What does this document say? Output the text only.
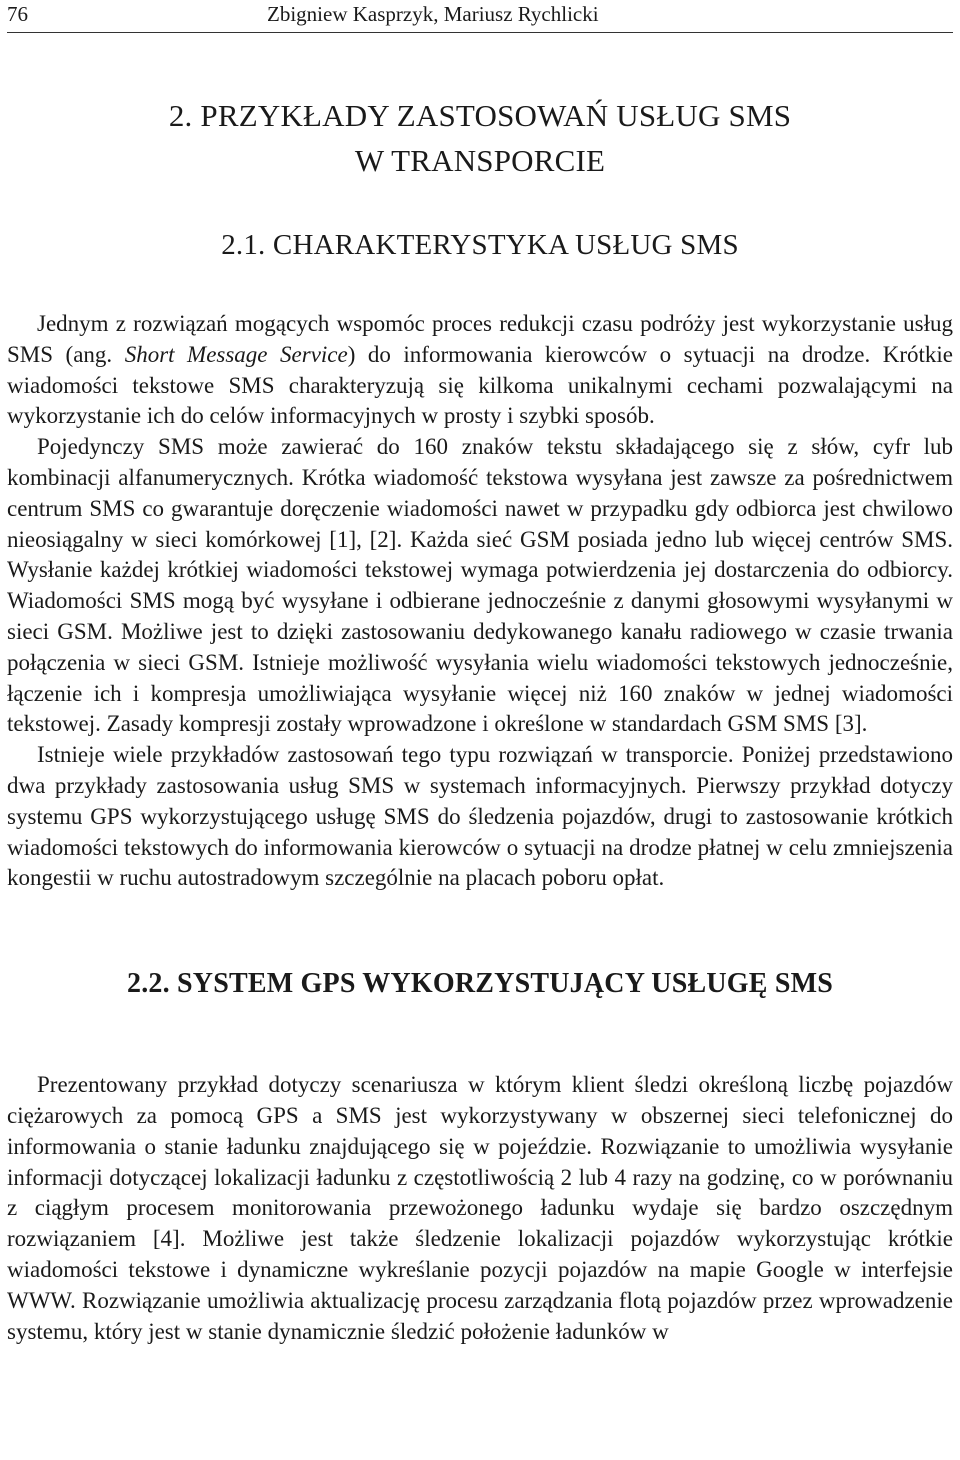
76	Zbigniew Kasprzyk, Mariusz Rychlicki
2. PRZYKŁADY ZASTOSOWAŃ USŁUG SMS
W TRANSPORCIE
2.1. CHARAKTERYSTYKA USŁUG SMS

Jednym z rozwiązań mogących wspomóc proces redukcji czasu podróży jest wykorzystanie usług SMS (ang. Short Message Service) do informowania kierowców o sytuacji na drodze. Krótkie wiadomości tekstowe SMS charakteryzują się kilkoma unikalnymi cechami pozwalającymi na wykorzystanie ich do celów informacyjnych w prosty i szybki sposób.

Pojedynczy SMS może zawierać do 160 znaków tekstu składającego się z słów, cyfr lub kombinacji alfanumerycznych. Krótka wiadomość tekstowa wysyłana jest zawsze za pośrednictwem centrum SMS co gwarantuje doręczenie wiadomości nawet w przypadku gdy odbiorca jest chwilowo nieosiągalny w sieci komórkowej [1], [2]. Każda sieć GSM posiada jedno lub więcej centrów SMS. Wysłanie każdej krótkiej wiadomości tekstowej wymaga potwierdzenia jej dostarczenia do odbiorcy. Wiadomości SMS mogą być wysyłane i odbierane jednocześnie z danymi głosowymi wysyłanymi w sieci GSM. Możliwe jest to dzięki zastosowaniu dedykowanego kanału radiowego w czasie trwania połączenia w sieci GSM. Istnieje możliwość wysyłania wielu wiadomości tekstowych jednocześnie, łączenie ich i kompresja umożliwiająca wysyłanie więcej niż 160 znaków w jednej wiadomości tekstowej. Zasady kompresji zostały wprowadzone i określone w standardach GSM SMS [3].

Istnieje wiele przykładów zastosowań tego typu rozwiązań w transporcie. Poniżej przedstawiono dwa przykłady zastosowania usług SMS w systemach informacyjnych. Pierwszy przykład dotyczy systemu GPS wykorzystującego usługę SMS do śledzenia pojazdów, drugi to zastosowanie krótkich wiadomości tekstowych do informowania kierowców o sytuacji na drodze płatnej w celu zmniejszenia kongestii w ruchu autostradowym szczególnie na placach poboru opłat.

2.2. SYSTEM GPS WYKORZYSTUJĄCY USŁUGĘ SMS

Prezentowany przykład dotyczy scenariusza w którym klient śledzi określoną liczbę pojazdów ciężarowych za pomocą GPS a SMS jest wykorzystywany w obszernej sieci telefonicznej do informowania o stanie ładunku znajdującego się w pojeździe. Rozwiązanie to umożliwia wysyłanie informacji dotyczącej lokalizacji ładunku z częstotliwością 2 lub 4 razy na godzinę, co w porównaniu z ciągłym procesem monitorowania przewożonego ładunku wydaje się bardzo oszczędnym rozwiązaniem [4]. Możliwe jest także śledzenie lokalizacji pojazdów wykorzystując krótkie wiadomości tekstowe i dynamiczne wykreślanie pozycji pojazdów na mapie Google w interfejsie WWW. Rozwiązanie umożliwia aktualizację procesu zarządzania flotą pojazdów przez wprowadzenie systemu, który jest w stanie dynamicznie śledzić położenie ładunków w
